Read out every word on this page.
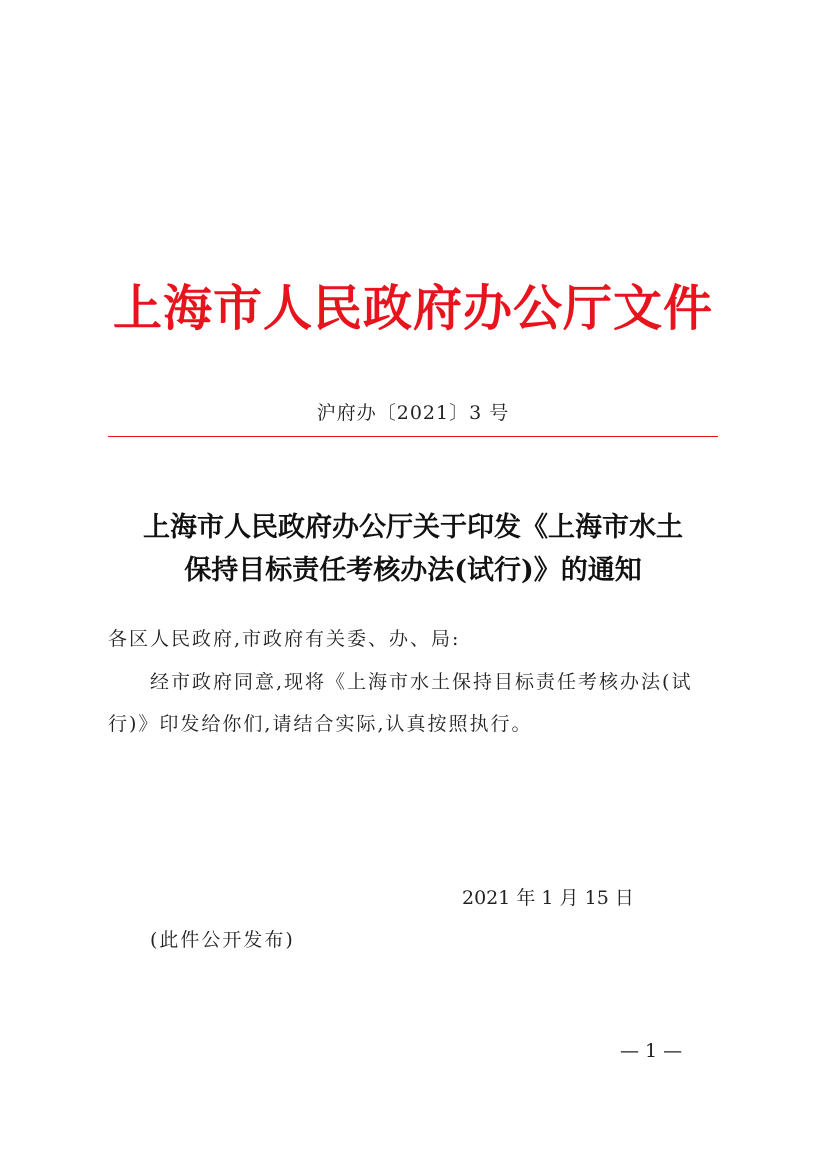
上海市人民政府办公厅文件
沪府办〔2021〕3 号
上海市人民政府办公厅关于印发《上海市水土
保持目标责任考核办法(试行)》的通知
各区人民政府,市政府有关委、办、局:
经市政府同意,现将《上海市水土保持目标责任考核办法(试
行)》印发给你们,请结合实际,认真按照执行。
2021 年 1 月 15 日
(此件公开发布)
— 1 —
